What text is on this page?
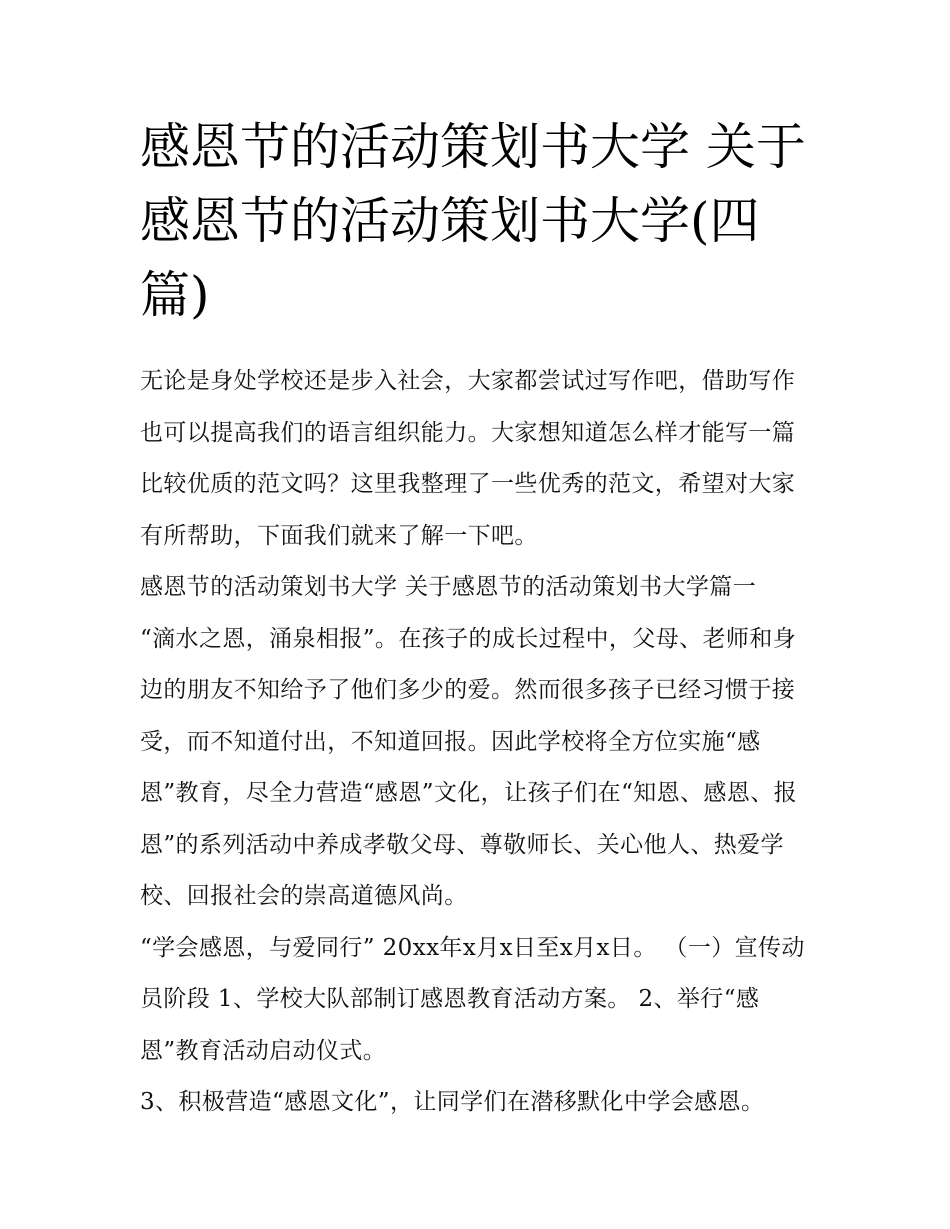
感恩节的活动策划书大学 关于感恩节的活动策划书大学(四篇)

无论是身处学校还是步入社会，大家都尝试过写作吧，借助写作也可以提高我们的语言组织能力。大家想知道怎么样才能写一篇比较优质的范文吗？这里我整理了一些优秀的范文，希望对大家有所帮助，下面我们就来了解一下吧。

感恩节的活动策划书大学 关于感恩节的活动策划书大学篇一

“滴水之恩，涌泉相报”。在孩子的成长过程中，父母、老师和身边的朋友不知给予了他们多少的爱。然而很多孩子已经习惯于接受，而不知道付出，不知道回报。因此学校将全方位实施“感恩”教育，尽全力营造“感恩”文化，让孩子们在“知恩、感恩、报恩”的系列活动中养成孝敬父母、尊敬师长、关心他人、热爱学校、回报社会的崇高道德风尚。

“学会感恩，与爱同行” 20xx年x月x日至x月x日。 （一）宣传动员阶段 1、学校大队部制订感恩教育活动方案。 2、举行“感恩”教育活动启动仪式。

3、积极营造“感恩文化”，让同学们在潜移默化中学会感恩。
